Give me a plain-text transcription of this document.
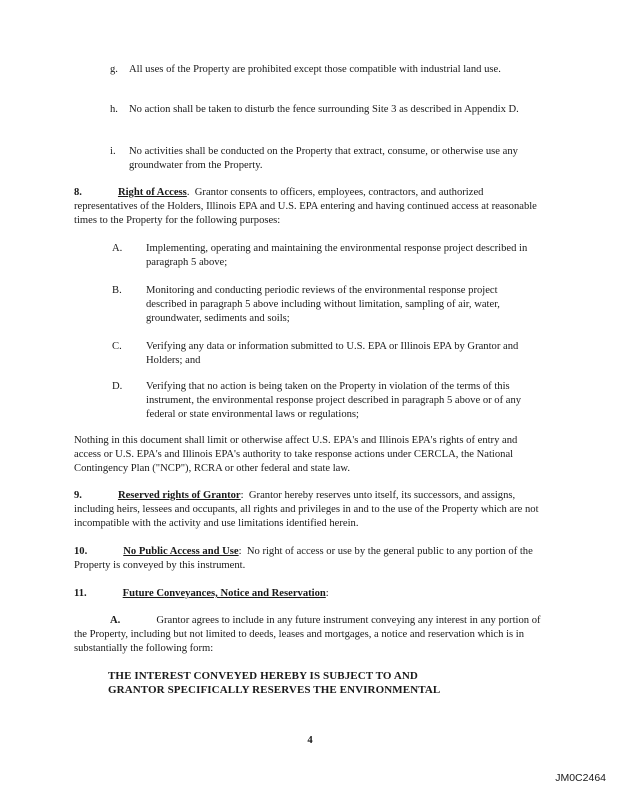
g. All uses of the Property are prohibited except those compatible with industrial land use.

h. No action shall be taken to disturb the fence surrounding Site 3 as described in Appendix D.

i. No activities shall be conducted on the Property that extract, consume, or otherwise use any groundwater from the Property.

8.	Right of Access.  Grantor consents to officers, employees, contractors, and authorized representatives of the Holders, Illinois EPA and U.S. EPA entering and having continued access at reasonable times to the Property for the following purposes:

A. Implementing, operating and maintaining the environmental response project described in paragraph 5 above;

B. Monitoring and conducting periodic reviews of the environmental response project described in paragraph 5 above including without limitation, sampling of air, water, groundwater, sediments and soils;

C. Verifying any data or information submitted to U.S. EPA or Illinois EPA by Grantor and Holders; and

D. Verifying that no action is being taken on the Property in violation of the terms of this instrument, the environmental response project described in paragraph 5 above or of any federal or state environmental laws or regulations;

Nothing in this document shall limit or otherwise affect U.S. EPA's and Illinois EPA's rights of entry and access or U.S. EPA's and Illinois EPA's authority to take response actions under CERCLA, the National Contingency Plan ("NCP"), RCRA or other federal and state law.

9.	Reserved rights of Grantor:  Grantor hereby reserves unto itself, its successors, and assigns, including heirs, lessees and occupants, all rights and privileges in and to the use of the Property which are not incompatible with the activity and use limitations identified herein.

10.	No Public Access and Use:  No right of access or use by the general public to any portion of the Property is conveyed by this instrument.

11.	Future Conveyances, Notice and Reservation:

A.	Grantor agrees to include in any future instrument conveying any interest in any portion of the Property, including but not limited to deeds, leases and mortgages, a notice and reservation which is in substantially the following form:

THE INTEREST CONVEYED HEREBY IS SUBJECT TO AND

GRANTOR SPECIFICALLY RESERVES THE ENVIRONMENTAL

4

JM0C2464
